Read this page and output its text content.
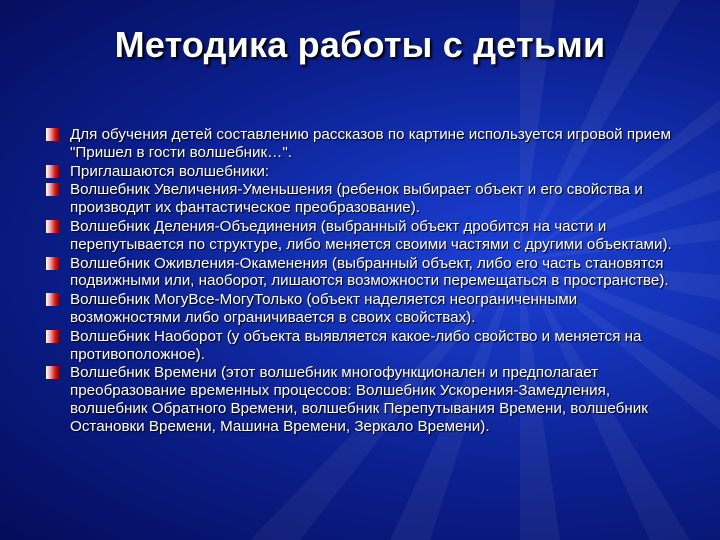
Методика работы с детьми
Для обучения детей составлению рассказов по картине используется игровой прием "Пришел в гости волшебник…".
Приглашаются волшебники:
Волшебник Увеличения-Уменьшения (ребенок выбирает объект и его свойства и производит их фантастическое преобразование).
Волшебник Деления-Объединения (выбранный объект дробится на части и перепутывается по структуре, либо меняется своими частями с другими объектами).
Волшебник Оживления-Окаменения (выбранный объект, либо его часть становятся подвижными или, наоборот, лишаются возможности перемещаться в пространстве).
Волшебник МогуВсе-МогуТолько (объект наделяется неограниченными возможностями либо ограничивается в своих свойствах).
Волшебник Наоборот (у объекта выявляется какое-либо свойство и меняется на противоположное).
Волшебник Времени (этот волшебник многофункционален и предполагает преобразование временных процессов: Волшебник Ускорения-Замедления, волшебник Обратного Времени, волшебник Перепутывания Времени, волшебник Остановки Времени, Машина Времени, Зеркало Времени).
